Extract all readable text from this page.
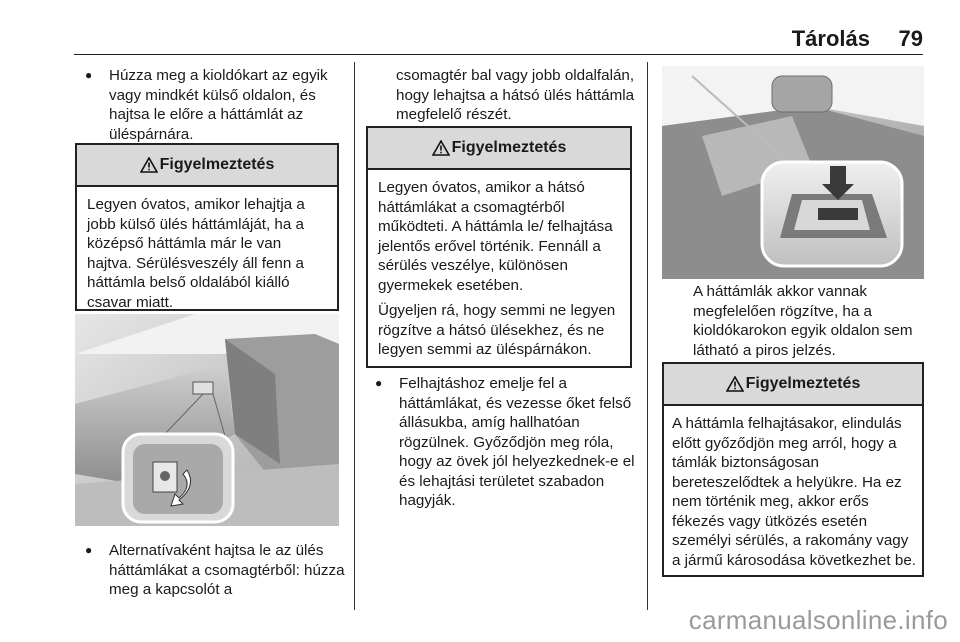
Tárolás 79
● Húzza meg a kioldókart az egyik vagy mindkét külső oldalon, és hajtsa le előre a háttámlát az üléspárnára.
Figyelmeztetés

Legyen óvatos, amikor lehajtja a jobb külső ülés háttámláját, ha a középső háttámla már le van hajtva. Sérülésveszély áll fenn a háttámla belső oldalából kiálló csavar miatt.

● Alternatívaként hajtsa le az ülés háttámlákat a csomagtérből: húzza meg a kapcsolót a
csomagtér bal vagy jobb oldalfalán, hogy lehajtsa a hátsó ülés háttámla megfelelő részét.
Figyelmeztetés

Legyen óvatos, amikor a hátsó háttámlákat a csomagtérből működteti. A háttámla le/ felhajtása jelentős erővel történik. Fennáll a sérülés veszélye, különösen gyermekek esetében.

Ügyeljen rá, hogy semmi ne legyen rögzítve a hátsó ülésekhez, és ne legyen semmi az üléspárnákon.

● Felhajtáshoz emelje fel a háttámlákat, és vezesse őket felső állásukba, amíg hallhatóan rögzülnek. Győződjön meg róla, hogy az övek jól helyezkednek-e el és lehajtási területet szabadon hagyják.
A háttámlák akkor vannak megfelelően rögzítve, ha a kioldókarokon egyik oldalon sem látható a piros jelzés.
Figyelmeztetés

A háttámla felhajtásakor, elindulás előtt győződjön meg arról, hogy a támlák biztonságosan bereteszelődtek a helyükre. Ha ez nem történik meg, akkor erős fékezés vagy ütközés esetén személyi sérülés, a rakomány vagy a jármű károsodása következhet be.

carmanualsonline.info
